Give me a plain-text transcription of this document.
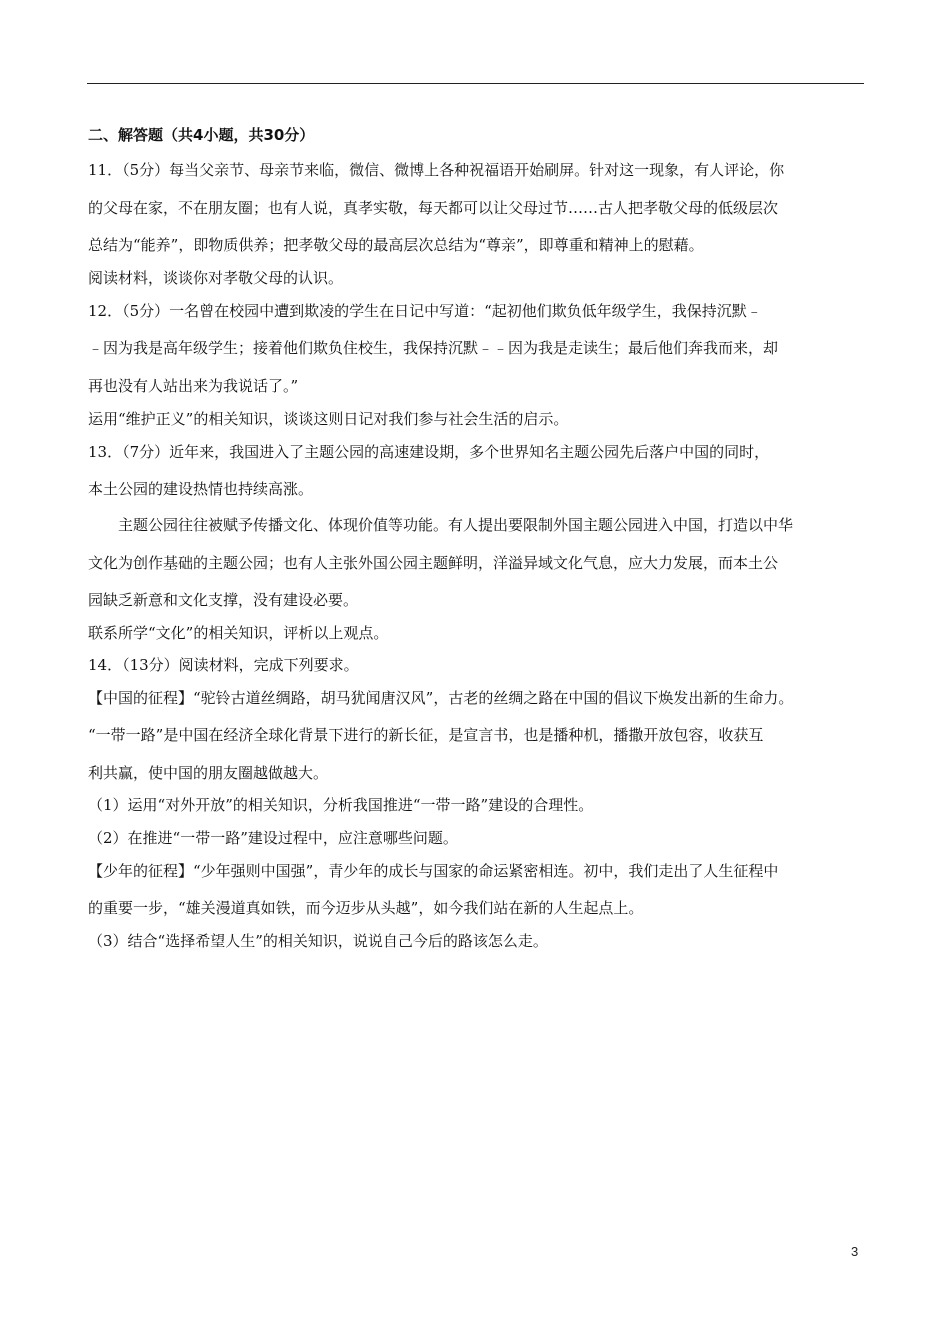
二、解答题（共4小题，共30分）
11．（5分）每当父亲节、母亲节来临，微信、微博上各种祝福语开始刷屏。针对这一现象，有人评论，你
的父母在家，不在朋友圈；也有人说，真孝实敬，每天都可以让父母过节……古人把孝敬父母的低级层次
总结为“能养”，即物质供养；把孝敬父母的最高层次总结为“尊亲”，即尊重和精神上的慰藉。
阅读材料，谈谈你对孝敬父母的认识。
12．（5分）一名曾在校园中遭到欺凌的学生在日记中写道：“起初他们欺负低年级学生，我保持沉默﹣
﹣因为我是高年级学生；接着他们欺负住校生，我保持沉默﹣﹣因为我是走读生；最后他们奔我而来，却
再也没有人站出来为我说话了。”
运用“维护正义”的相关知识，谈谈这则日记对我们参与社会生活的启示。
13．（7分）近年来，我国进入了主题公园的高速建设期，多个世界知名主题公园先后落户中国的同时，
本土公园的建设热情也持续高涨。
　　主题公园往往被赋予传播文化、体现价值等功能。有人提出要限制外国主题公园进入中国，打造以中华
文化为创作基础的主题公园；也有人主张外国公园主题鲜明，洋溢异域文化气息，应大力发展，而本土公
园缺乏新意和文化支撑，没有建设必要。
联系所学“文化”的相关知识，评析以上观点。
14．（13分）阅读材料，完成下列要求。
【中国的征程】“驼铃古道丝绸路，胡马犹闻唐汉风”，古老的丝绸之路在中国的倡议下焕发出新的生命力。
“一带一路”是中国在经济全球化背景下进行的新长征，是宣言书，也是播种机，播撒开放包容，收获互
利共赢，使中国的朋友圈越做越大。
（1）运用“对外开放”的相关知识，分析我国推进“一带一路”建设的合理性。
（2）在推进“一带一路”建设过程中，应注意哪些问题。
【少年的征程】“少年强则中国强”，青少年的成长与国家的命运紧密相连。初中，我们走出了人生征程中
的重要一步，“雄关漫道真如铁，而今迈步从头越”，如今我们站在新的人生起点上。
（3）结合“选择希望人生”的相关知识，说说自己今后的路该怎么走。
3
